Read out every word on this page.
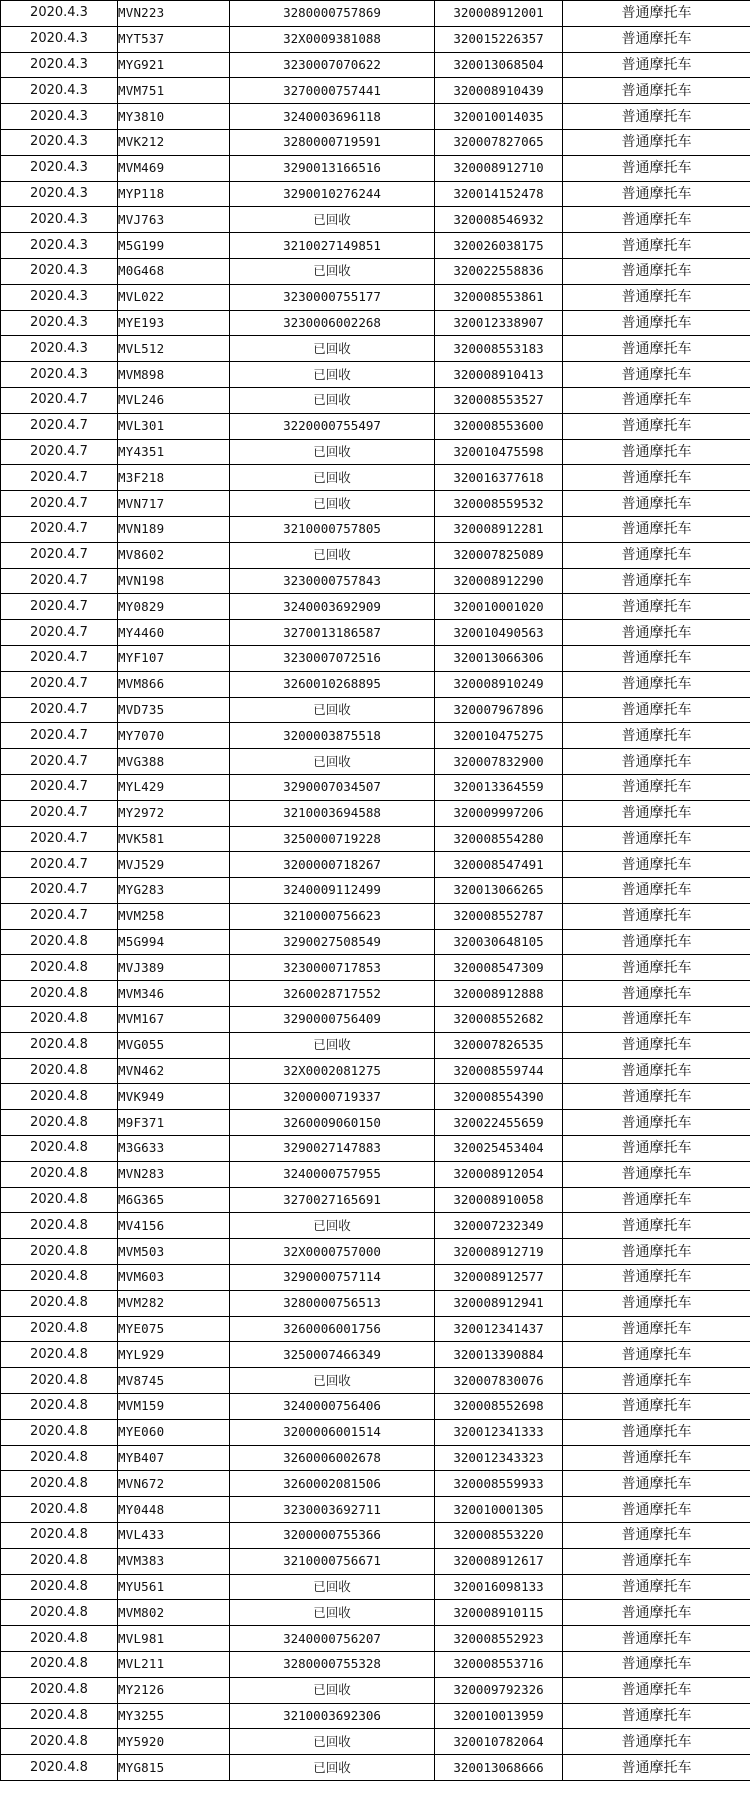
2020.4.3	MVN223	3280000757869	320008912001	普通摩托车
2020.4.3	MYT537	32X0009381088	320015226357	普通摩托车
2020.4.3	MYG921	3230007070622	320013068504	普通摩托车
2020.4.3	MVM751	3270000757441	320008910439	普通摩托车
2020.4.3	MY3810	3240003696118	320010014035	普通摩托车
2020.4.3	MVK212	3280000719591	320007827065	普通摩托车
2020.4.3	MVM469	3290013166516	320008912710	普通摩托车
2020.4.3	MYP118	3290010276244	320014152478	普通摩托车
2020.4.3	MVJ763	已回收	320008546932	普通摩托车
2020.4.3	M5G199	3210027149851	320026038175	普通摩托车
2020.4.3	M0G468	已回收	320022558836	普通摩托车
2020.4.3	MVL022	3230000755177	320008553861	普通摩托车
2020.4.3	MYE193	3230006002268	320012338907	普通摩托车
2020.4.3	MVL512	已回收	320008553183	普通摩托车
2020.4.3	MVM898	已回收	320008910413	普通摩托车
2020.4.7	MVL246	已回收	320008553527	普通摩托车
2020.4.7	MVL301	3220000755497	320008553600	普通摩托车
2020.4.7	MY4351	已回收	320010475598	普通摩托车
2020.4.7	M3F218	已回收	320016377618	普通摩托车
2020.4.7	MVN717	已回收	320008559532	普通摩托车
2020.4.7	MVN189	3210000757805	320008912281	普通摩托车
2020.4.7	MV8602	已回收	320007825089	普通摩托车
2020.4.7	MVN198	3230000757843	320008912290	普通摩托车
2020.4.7	MY0829	3240003692909	320010001020	普通摩托车
2020.4.7	MY4460	3270013186587	320010490563	普通摩托车
2020.4.7	MYF107	3230007072516	320013066306	普通摩托车
2020.4.7	MVM866	3260010268895	320008910249	普通摩托车
2020.4.7	MVD735	已回收	320007967896	普通摩托车
2020.4.7	MY7070	3200003875518	320010475275	普通摩托车
2020.4.7	MVG388	已回收	320007832900	普通摩托车
2020.4.7	MYL429	3290007034507	320013364559	普通摩托车
2020.4.7	MY2972	3210003694588	320009997206	普通摩托车
2020.4.7	MVK581	3250000719228	320008554280	普通摩托车
2020.4.7	MVJ529	3200000718267	320008547491	普通摩托车
2020.4.7	MYG283	3240009112499	320013066265	普通摩托车
2020.4.7	MVM258	3210000756623	320008552787	普通摩托车
2020.4.8	M5G994	3290027508549	320030648105	普通摩托车
2020.4.8	MVJ389	3230000717853	320008547309	普通摩托车
2020.4.8	MVM346	3260028717552	320008912888	普通摩托车
2020.4.8	MVM167	3290000756409	320008552682	普通摩托车
2020.4.8	MVG055	已回收	320007826535	普通摩托车
2020.4.8	MVN462	32X0002081275	320008559744	普通摩托车
2020.4.8	MVK949	3200000719337	320008554390	普通摩托车
2020.4.8	M9F371	3260009060150	320022455659	普通摩托车
2020.4.8	M3G633	3290027147883	320025453404	普通摩托车
2020.4.8	MVN283	3240000757955	320008912054	普通摩托车
2020.4.8	M6G365	3270027165691	320008910058	普通摩托车
2020.4.8	MV4156	已回收	320007232349	普通摩托车
2020.4.8	MVM503	32X0000757000	320008912719	普通摩托车
2020.4.8	MVM603	3290000757114	320008912577	普通摩托车
2020.4.8	MVM282	3280000756513	320008912941	普通摩托车
2020.4.8	MYE075	3260006001756	320012341437	普通摩托车
2020.4.8	MYL929	3250007466349	320013390884	普通摩托车
2020.4.8	MV8745	已回收	320007830076	普通摩托车
2020.4.8	MVM159	3240000756406	320008552698	普通摩托车
2020.4.8	MYE060	3200006001514	320012341333	普通摩托车
2020.4.8	MYB407	3260006002678	320012343323	普通摩托车
2020.4.8	MVN672	3260002081506	320008559933	普通摩托车
2020.4.8	MY0448	3230003692711	320010001305	普通摩托车
2020.4.8	MVL433	3200000755366	320008553220	普通摩托车
2020.4.8	MVM383	3210000756671	320008912617	普通摩托车
2020.4.8	MYU561	已回收	320016098133	普通摩托车
2020.4.8	MVM802	已回收	320008910115	普通摩托车
2020.4.8	MVL981	3240000756207	320008552923	普通摩托车
2020.4.8	MVL211	3280000755328	320008553716	普通摩托车
2020.4.8	MY2126	已回收	320009792326	普通摩托车
2020.4.8	MY3255	3210003692306	320010013959	普通摩托车
2020.4.8	MY5920	已回收	320010782064	普通摩托车
2020.4.8	MYG815	已回收	320013068666	普通摩托车
